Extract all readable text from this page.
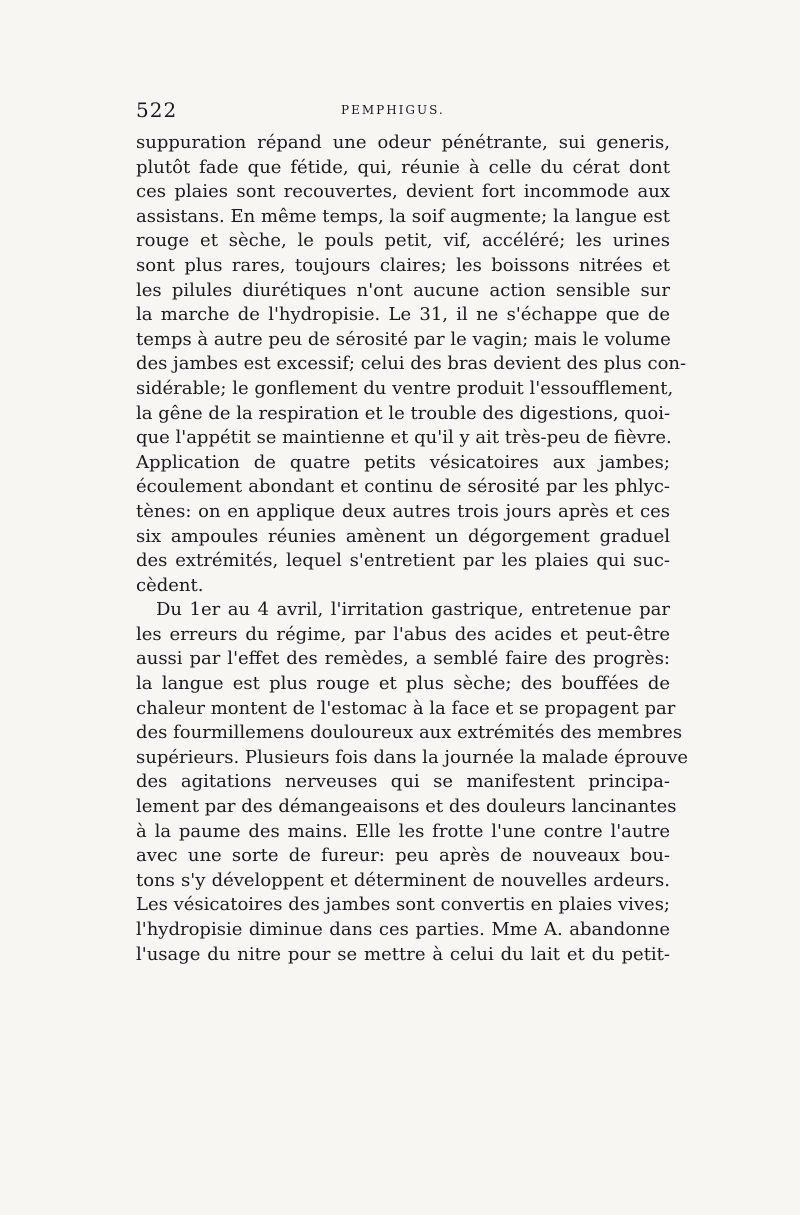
522	PEMPHIGUS.
suppuration répand une odeur pénétrante, sui generis,
plutôt fade que fétide, qui, réunie à celle du cérat dont
ces plaies sont recouvertes, devient fort incommode aux
assistans. En même temps, la soif augmente; la langue est
rouge et sèche, le pouls petit, vif, accéléré; les urines
sont plus rares, toujours claires; les boissons nitrées et
les pilules diurétiques n'ont aucune action sensible sur
la marche de l'hydropisie. Le 31, il ne s'échappe que de
temps à autre peu de sérosité par le vagin; mais le volume
des jambes est excessif; celui des bras devient des plus con-
sidérable; le gonflement du ventre produit l'essoufflement,
la gêne de la respiration et le trouble des digestions, quoi-
que l'appétit se maintienne et qu'il y ait très-peu de fièvre.
Application de quatre petits vésicatoires aux jambes;
écoulement abondant et continu de sérosité par les phlyc-
tènes: on en applique deux autres trois jours après et ces
six ampoules réunies amènent un dégorgement graduel
des extrémités, lequel s'entretient par les plaies qui suc-
cèdent.
Du 1er au 4 avril, l'irritation gastrique, entretenue par
les erreurs du régime, par l'abus des acides et peut-être
aussi par l'effet des remèdes, a semblé faire des progrès:
la langue est plus rouge et plus sèche; des bouffées de
chaleur montent de l'estomac à la face et se propagent par
des fourmillemens douloureux aux extrémités des membres
supérieurs. Plusieurs fois dans la journée la malade éprouve
des agitations nerveuses qui se manifestent principa-
lement par des démangeaisons et des douleurs lancinantes
à la paume des mains. Elle les frotte l'une contre l'autre
avec une sorte de fureur: peu après de nouveaux bou-
tons s'y développent et déterminent de nouvelles ardeurs.
Les vésicatoires des jambes sont convertis en plaies vives;
l'hydropisie diminue dans ces parties. Mme A. abandonne
l'usage du nitre pour se mettre à celui du lait et du petit-
